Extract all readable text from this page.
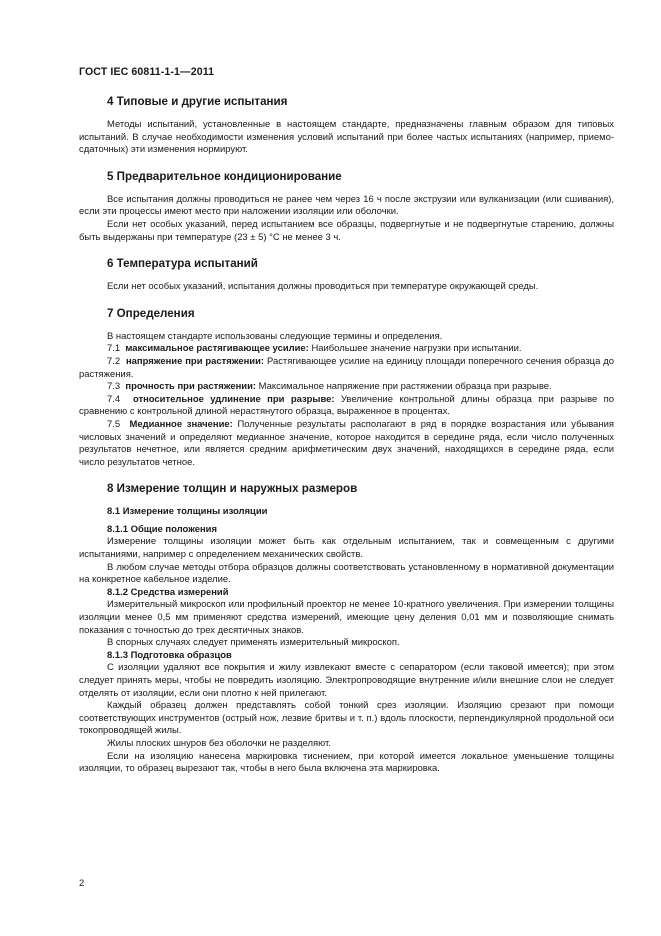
ГОСТ IEC 60811-1-1—2011
4 Типовые и другие испытания

Методы испытаний, установленные в настоящем стандарте, предназначены главным образом для типовых испытаний. В случае необходимости изменения условий испытаний при более частых испытаниях (например, приемо-сдаточных) эти изменения нормируют.

5 Предварительное кондиционирование

Все испытания должны проводиться не ранее чем через 16 ч после экструзии или вулканизации (или сшивания), если эти процессы имеют место при наложении изоляции или оболочки.

Если нет особых указаний, перед испытанием все образцы, подвергнутые и не подвергнутые старению, должны быть выдержаны при температуре (23 ± 5) °С не менее 3 ч.

6 Температура испытаний

Если нет особых указаний, испытания должны проводиться при температуре окружающей среды.

7 Определения

В настоящем стандарте использованы следующие термины и определения.

7.1 максимальное растягивающее усилие: Наибольшее значение нагрузки при испытании.

7.2 напряжение при растяжении: Растягивающее усилие на единицу площади поперечного сечения образца до растяжения.

7.3 прочность при растяжении: Максимальное напряжение при растяжении образца при разрыве.

7.4 относительное удлинение при разрыве: Увеличение контрольной длины образца при разрыве по сравнению с контрольной длиной нерастянутого образца, выраженное в процентах.

7.5 Медианное значение: Полученные результаты располагают в ряд в порядке возрастания или убывания числовых значений и определяют медианное значение, которое находится в середине ряда, если число полученных результатов нечетное, или является средним арифметическим двух значений, находящихся в середине ряда, если число результатов четное.

8 Измерение толщин и наружных размеров
8.1 Измерение толщины изоляции
8.1.1 Общие положения

Измерение толщины изоляции может быть как отдельным испытанием, так и совмещенным с другими испытаниями, например с определением механических свойств.

В любом случае методы отбора образцов должны соответствовать установленному в нормативной документации на конкретное кабельное изделие.

8.1.2 Средства измерений

Измерительный микроскоп или профильный проектор не менее 10-кратного увеличения. При измерении толщины изоляции менее 0,5 мм применяют средства измерений, имеющие цену деления 0,01 мм и позволяющие снимать показания с точностью до трех десятичных знаков.

В спорных случаях следует применять измерительный микроскоп.

8.1.3 Подготовка образцов

С изоляции удаляют все покрытия и жилу извлекают вместе с сепаратором (если таковой имеется); при этом следует принять меры, чтобы не повредить изоляцию. Электропроводящие внутренние и/или внешние слои не следует отделять от изоляции, если они плотно к ней прилегают.

Каждый образец должен представлять собой тонкий срез изоляции. Изоляцию срезают при помощи соответствующих инструментов (острый нож, лезвие бритвы и т. п.) вдоль плоскости, перпендикулярной продольной оси токопроводящей жилы.

Жилы плоских шнуров без оболочки не разделяют.

Если на изоляцию нанесена маркировка тиснением, при которой имеется локальное уменьшение толщины изоляции, то образец вырезают так, чтобы в него была включена эта маркировка.

2
